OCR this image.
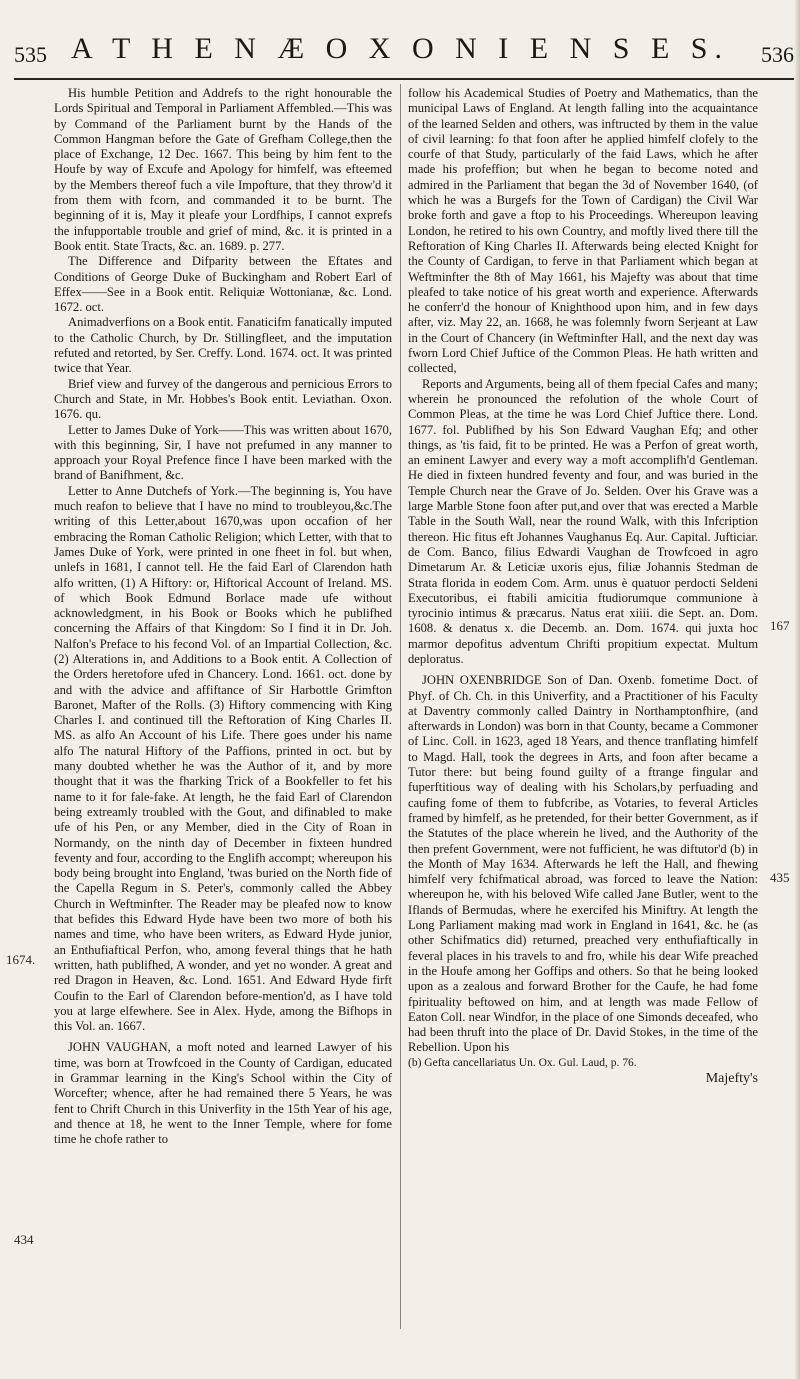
535 A T H E N Æ O X O N I E N S E S.	536
1674.
434
167
435

His humble Petition and Addrefs to the right honourable the Lords Spiritual and Temporal in Parliament Affembled.—This was by Command of the Parliament burnt by the Hands of the Common Hangman before the Gate of Grefham College,then the place of Exchange, 12 Dec. 1667. This being by him fent to the Houfe by way of Excufe and Apology for himfelf, was efteemed by the Members thereof fuch a vile Impofture, that they throw'd it from them with fcorn, and commanded it to be burnt. The beginning of it is, May it pleafe your Lordfhips, I cannot exprefs the infupportable trouble and grief of mind, &c. it is printed in a Book entit. State Tracts, &c. an. 1689. p. 277.

The Difference and Difparity between the Eftates and Conditions of George Duke of Buckingham and Robert Earl of Effex——See in a Book entit. Reliquiæ Wottonianæ, &c. Lond. 1672. oct.

Animadverfions on a Book entit. Fanaticifm fanatically imputed to the Catholic Church, by Dr. Stillingfleet, and the imputation refuted and retorted, by Ser. Creffy. Lond. 1674. oct. It was printed twice that Year.

Brief view and furvey of the dangerous and pernicious Errors to Church and State, in Mr. Hobbes's Book entit. Leviathan. Oxon. 1676. qu.

Letter to James Duke of York——This was written about 1670, with this beginning, Sir, I have not prefumed in any manner to approach your Royal Prefence fince I have been marked with the brand of Banifhment, &c.

Letter to Anne Dutchefs of York.—The beginning is, You have much reafon to believe that I have no mind to troubleyou,&c.The writing of this Letter,about 1670,was upon occafion of her embracing the Roman Catholic Religion; which Letter, with that to James Duke of York, were printed in one fheet in fol. but when, unlefs in 1681, I cannot tell. He the faid Earl of Clarendon hath alfo written, (1) A Hiftory: or, Hiftorical Account of Ireland. MS. of which Book Edmund Borlace made ufe without acknowledgment, in his Book or Books which he publifhed concerning the Affairs of that Kingdom: So I find it in Dr. Joh. Nalfon's Preface to his fecond Vol. of an Impartial Collection, &c. (2) Alterations in, and Additions to a Book entit. A Collection of the Orders heretofore ufed in Chancery. Lond. 1661. oct. done by and with the advice and affiftance of Sir Harbottle Grimfton Baronet, Mafter of the Rolls. (3) Hiftory commencing with King Charles I. and continued till the Reftoration of King Charles II. MS. as alfo An Account of his Life. There goes under his name alfo The natural Hiftory of the Paffions, printed in oct. but by many doubted whether he was the Author of it, and by more thought that it was the fharking Trick of a Bookfeller to fet his name to it for fale-fake. At length, he the faid Earl of Clarendon being extreamly troubled with the Gout, and difinabled to make ufe of his Pen, or any Member, died in the City of Roan in Normandy, on the ninth day of December in fixteen hundred feventy and four, according to the Englifh accompt; whereupon his body being brought into England, 'twas buried on the North fide of the Capella Regum in S. Peter's, commonly called the Abbey Church in Weftminfter. The Reader may be pleafed now to know that befides this Edward Hyde have been two more of both his names and time, who have been writers, as Edward Hyde junior, an Enthufiaftical Perfon, who, among feveral things that he hath written, hath publifhed, A wonder, and yet no wonder. A great and red Dragon in Heaven, &c. Lond. 1651. And Edward Hyde firft Coufin to the Earl of Clarendon before-mention'd, as I have told you at large elfewhere. See in Alex. Hyde, among the Bifhops in this Vol. an. 1667.

JOHN VAUGHAN, a moft noted and learned Lawyer of his time, was born at Trowfcoed in the County of Cardigan, educated in Grammar learning in the King's School within the City of Worcefter; whence, after he had remained there 5 Years, he was fent to Chrift Church in this Univerfity in the 15th Year of his age, and thence at 18, he went to the Inner Temple, where for fome time he chofe rather to

follow his Academical Studies of Poetry and Mathematics, than the municipal Laws of England. At length falling into the acquaintance of the learned Selden and others, was inftructed by them in the value of civil learning: fo that foon after he applied himfelf clofely to the courfe of that Study, particularly of the faid Laws, which he after made his profeffion; but when he began to become noted and admired in the Parliament that began the 3d of November 1640, (of which he was a Burgefs for the Town of Cardigan) the Civil War broke forth and gave a ftop to his Proceedings. Whereupon leaving London, he retired to his own Country, and moftly lived there till the Reftoration of King Charles II. Afterwards being elected Knight for the County of Cardigan, to ferve in that Parliament which began at Weftminfter the 8th of May 1661, his Majefty was about that time pleafed to take notice of his great worth and experience. Afterwards he conferr'd the honour of Knighthood upon him, and in few days after, viz. May 22, an. 1668, he was folemnly fworn Serjeant at Law in the Court of Chancery (in Weftminfter Hall, and the next day was fworn Lord Chief Juftice of the Common Pleas. He hath written and collected,

Reports and Arguments, being all of them fpecial Cafes and many; wherein he pronounced the refolution of the whole Court of Common Pleas, at the time he was Lord Chief Juftice there. Lond. 1677. fol. Publifhed by his Son Edward Vaughan Efq; and other things, as 'tis faid, fit to be printed. He was a Perfon of great worth, an eminent Lawyer and every way a moft accomplifh'd Gentleman. He died in fixteen hundred feventy and four, and was buried in the Temple Church near the Grave of Jo. Selden. Over his Grave was a large Marble Stone foon after put,and over that was erected a Marble Table in the South Wall, near the round Walk, with this Infcription thereon. Hic fitus eft Johannes Vaughanus Eq. Aur. Capital. Jufticiar. de Com. Banco, filius Edwardi Vaughan de Trowfcoed in agro Dimetarum Ar. & Leticiæ uxoris ejus, filiæ Johannis Stedman de Strata florida in eodem Com. Arm. unus è quatuor perdocti Seldeni Executoribus, ei ftabili amicitia ftudiorumque communione à tyrocinio intimus & præcarus. Natus erat xiiii. die Sept. an. Dom. 1608. & denatus x. die Decemb. an. Dom. 1674. qui juxta hoc marmor depofitus adventum Chrifti propitium expectat. Multum deploratus.

JOHN OXENBRIDGE Son of Dan. Oxenb. fometime Doct. of Phyf. of Ch. Ch. in this Univerfity, and a Practitioner of his Faculty at Daventry commonly called Daintry in Northamptonfhire, (and afterwards in London) was born in that County, became a Commoner of Linc. Coll. in 1623, aged 18 Years, and thence tranflating himfelf to Magd. Hall, took the degrees in Arts, and foon after became a Tutor there: but being found guilty of a ftrange fingular and fuperftitious way of dealing with his Scholars,by perfuading and caufing fome of them to fubfcribe, as Votaries, to feveral Articles framed by himfelf, as he pretended, for their better Government, as if the Statutes of the place wherein he lived, and the Authority of the then prefent Government, were not fufficient, he was diftutor'd (b) in the Month of May 1634. Afterwards he left the Hall, and fhewing himfelf very fchifmatical abroad, was forced to leave the Nation: whereupon he, with his beloved Wife called Jane Butler, went to the Iflands of Bermudas, where he exercifed his Miniftry. At length the Long Parliament making mad work in England in 1641, &c. he (as other Schifmatics did) returned, preached very enthufiaftically in feveral places in his travels to and fro, while his dear Wife preached in the Houfe among her Goffips and others. So that he being looked upon as a zealous and forward Brother for the Caufe, he had fome fpirituality beftowed on him, and at length was made Fellow of Eaton Coll. near Windfor, in the place of one Simonds deceafed, who had been thruft into the place of Dr. David Stokes, in the time of the Rebellion. Upon his

(b) Gefta cancellariatus Un. Ox. Gul. Laud, p. 76.

Majefty's
